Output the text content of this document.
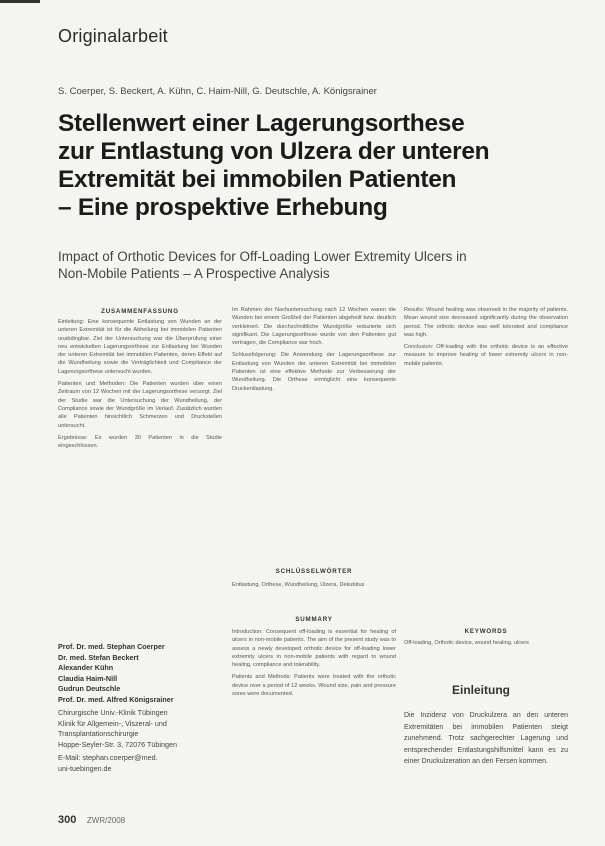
Originalarbeit
S. Coerper, S. Beckert, A. Kühn, C. Haim-Nill, G. Deutschle, A. Königsrainer
Stellenwert einer Lagerungsorthese
zur Entlastung von Ulzera der unteren
Extremität bei immobilen Patienten
– Eine prospektive Erhebung
Impact of Orthotic Devices for Off-Loading Lower Extremity Ulcers in
Non-Mobile Patients – A Prospective Analysis
ZUSAMMENFASSUNG

Einleitung: Eine konsequente Entlastung von Wunden an der unteren Extremität ist für die Abheilung bei immobilen Patienten unabdingbar. Ziel der Untersuchung war die Überprüfung einer neu entwickelten Lagerungsorthese zur Entlastung bei Wunden der unteren Extremität bei immobilen Patienten, deren Effekt auf die Wundheilung sowie die Verträglichkeit und Compliance der Lagerungsorthese untersucht wurden.

Patienten und Methoden: Die Patienten wurden über einen Zeitraum von 12 Wochen mit der Lagerungsorthese versorgt. Ziel der Studie war die Untersuchung der Wundheilung, der Compliance sowie der Wundgröße im Verlauf. Zusätzlich wurden alle Patienten hinsichtlich Schmerzen und Druckstellen untersucht.

Ergebnisse: Es wurden 30 Patienten in die Studie eingeschlossen.

Im Rahmen der Nachuntersuchung nach 12 Wochen waren die Wunden bei einem Großteil der Patienten abgeheilt bzw. deutlich verkleinert. Die durchschnittliche Wundgröße reduzierte sich signifikant. Die Lagerungsorthese wurde von den Patienten gut vertragen, die Compliance war hoch.

Schlussfolgerung: Die Anwendung der Lagerungsorthese zur Entlastung von Wunden der unteren Extremität bei immobilen Patienten ist eine effektive Methode zur Verbesserung der Wundheilung. Die Orthese ermöglicht eine konsequente Druckentlastung.

SCHLÜSSELWÖRTER
Entlastung, Orthese, Wundheilung, Ulzera, Dekubitus
SUMMARY

Introduction: Consequent off-loading is essential for healing of ulcers in non-mobile patients. The aim of the present study was to assess a newly developed orthotic device for off-loading lower extremity ulcers in non-mobile patients with regard to wound healing, compliance and tolerability.

Patients and Methods: Patients were treated with the orthotic device over a period of 12 weeks. Wound size, pain and pressure sores were documented.

Results: Wound healing was observed in the majority of patients. Mean wound size decreased significantly during the observation period. The orthotic device was well tolerated and compliance was high.

Conclusion: Off-loading with the orthotic device is an effective measure to improve healing of lower extremity ulcers in non-mobile patients.

KEYWORDS
Off-loading, Orthotic device, wound healing, ulcers
Prof. Dr. med. Stephan Coerper
Dr. med. Stefan Beckert
Alexander Kühn
Claudia Haim-Nill
Gudrun Deutschle
Prof. Dr. med. Alfred Königsrainer
Chirurgische Univ.-Klinik Tübingen
Klinik für Allgemein-, Viszeral- und
Transplantationschirurgie
Hoppe-Seyler-Str. 3, 72076 Tübingen
E-Mail: stephan.coerper@med.
uni-tuebingen.de
Einleitung
Die Inzidenz von Druckulzera an den unteren Extremitäten bei immobilen Patienten steigt zunehmend. Trotz sachgerechter Lagerung und entsprechender Entlastungshilfsmittel kann es zu einer Druckulzeration an den Fersen kommen.
300 ZWR/2008
